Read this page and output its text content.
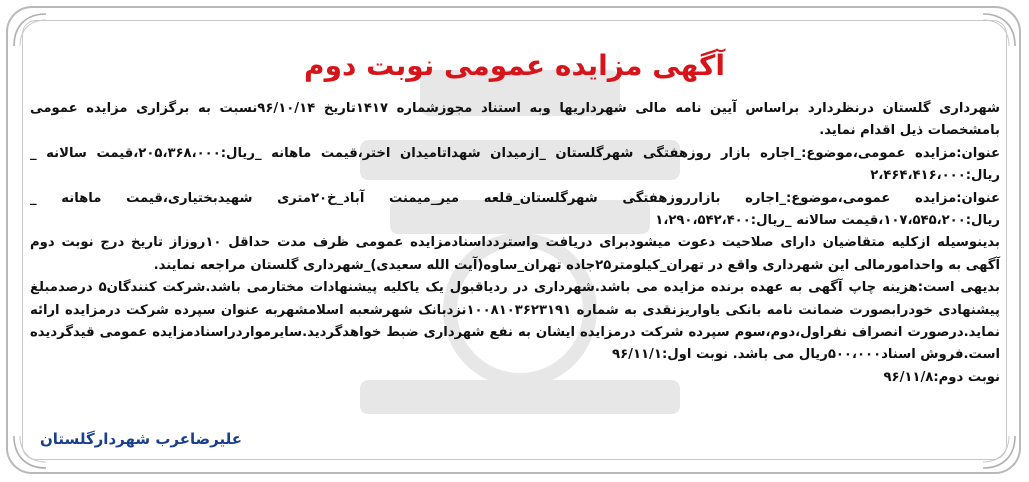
آگهی مزایده عمومی نوبت دوم

شهرداری گلستان درنظردارد براساس آیین نامه مالی شهرداریها وبه استناد مجوزشماره ۱۴۱۷تاریخ ۹۶/۱۰/۱۴نسبت به برگزاری مزایده عمومی بامشخصات ذیل اقدام نماید.

عنوان:مزایده عمومی،موضوع:_اجاره بازار روزهفتگی شهرگلستان _ازمیدان شهداتامیدان اختر،قیمت ماهانه _ریال:۲۰۵،۳۶۸،۰۰۰،قیمت سالانه _ ریال:۲،۴۶۴،۴۱۶،۰۰۰

عنوان:مزایده عمومی،موضوع:_اجاره بازارروزهفتگی شهرگلستان_قلعه میر_میمنت آباد_خ۲۰متری شهیدبختیاری،قیمت ماهانه _ ریال:۱۰۷،۵۴۵،۲۰۰،قیمت سالانه _ریال:۱،۲۹۰،۵۴۲،۴۰۰

بدینوسیله ازکلیه متقاضیان دارای صلاحیت دعوت میشودبرای دریافت واستردداسنادمزایده عمومی ظرف مدت حداقل ۱۰روزاز تاریخ درج نوبت دوم آگهی به واحدامورمالی این شهرداری واقع در تهران_کیلومتر۲۵جاده تهران_ساوه(آیت الله سعیدی)_شهرداری گلستان مراجعه نمایند.

بدیهی است:هزینه چاپ آگهی به عهده برنده مزایده می باشد.شهرداری در ردیاقبول یک یاکلیه پیشنهادات مختارمی باشد.شرکت کنندگان۵ درصدمبلغ پیشنهادی خودرابصورت ضمانت نامه بانکی یاواریزنقدی به شماره ۱۰۰۸۱۰۳۶۲۳۱۹۱نزدبانک شهرشعبه اسلامشهربه عنوان سپرده شرکت درمزایده ارائه نماید.درصورت انصراف نفراول،دوم،سوم سپرده شرکت درمزایده ایشان به نفع شهرداری ضبط خواهدگردید.سایرمواردراسنادمزایده عمومی قیدگردیده است.فروش اسناد۵۰۰،۰۰۰ریال می باشد. نوبت اول:۹۶/۱۱/۱

نوبت دوم:۹۶/۱۱/۸

علیرضاعرب شهردارگلستان
